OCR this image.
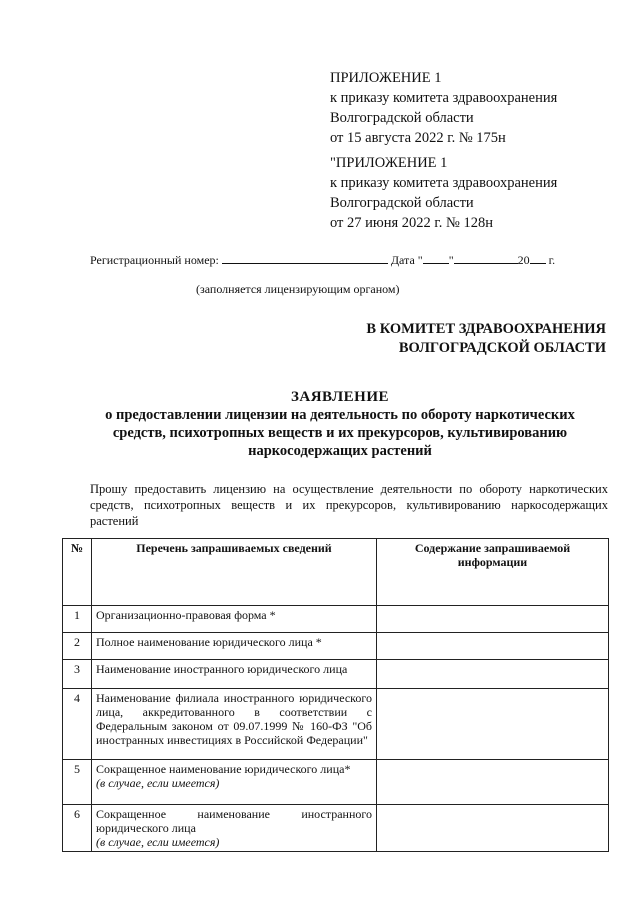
ПРИЛОЖЕНИЕ 1
к приказу комитета здравоохранения
Волгоградской области
от 15 августа 2022 г. № 175н
"ПРИЛОЖЕНИЕ 1
к приказу комитета здравоохранения
Волгоградской области
от 27 июня 2022 г. № 128н
Регистрационный номер:	Дата " "	20 г.
(заполняется лицензирующим органом)
В КОМИТЕТ ЗДРАВООХРАНЕНИЯ
ВОЛГОГРАДСКОЙ ОБЛАСТИ
ЗАЯВЛЕНИЕ
о предоставлении лицензии на деятельность по обороту наркотических
средств, психотропных веществ и их прекурсоров, культивированию
наркосодержащих растений
Прошу предоставить лицензию на осуществление деятельности по обороту наркотических средств, психотропных веществ и их прекурсоров, культивированию наркосодержащих растений
№	Перечень запрашиваемых сведений	Содержание запрашиваемой информации
1	Организационно-правовая форма *	
2	Полное наименование юридического лица *	
3	Наименование иностранного юридического лица	
4	Наименование филиала иностранного юридического лица, аккредитованного в соответствии с Федеральным законом от 09.07.1999 № 160-ФЗ "Об иностранных инвестициях в Российской Федерации"	
5	Сокращенное наименование юридического лица*
(в случае, если имеется)	

6	Сокращенное наименование иностранного юридического лица
(в случае, если имеется)	
